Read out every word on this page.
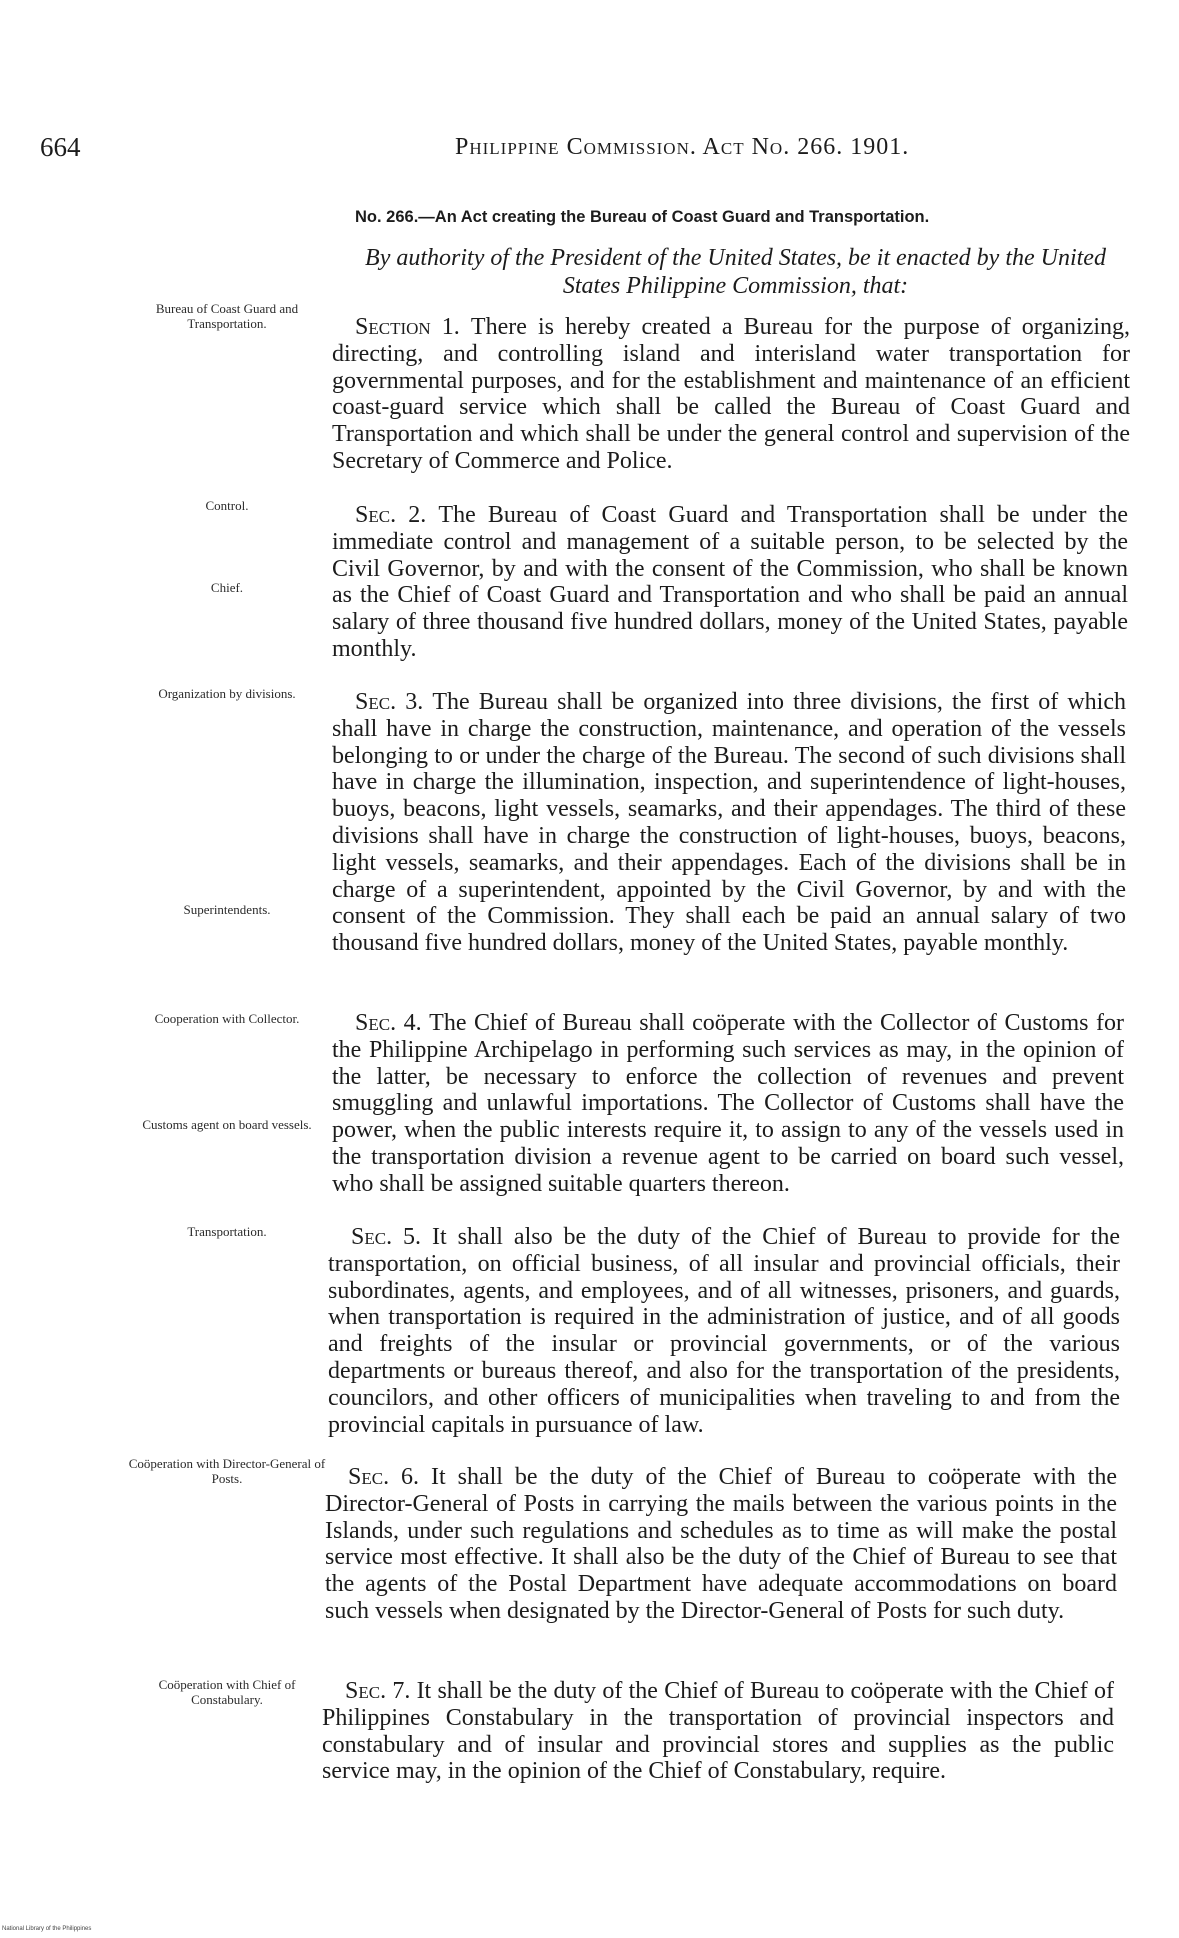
664	Philippine Commission. Act No. 266. 1901.
No. 266.—An Act creating the Bureau of Coast Guard and Transportation.
By authority of the President of the United States, be it enacted by the United States Philippine Commission, that:
Bureau of Coast Guard and Transportation.
Control.
Chief.
Organization by divisions.
Superintendents.
Cooperation with Collector.
Customs agent on board vessels.
Transportation.
Coöperation with Director-General of Posts.
Coöperation with Chief of Constabulary.
Section 1. There is hereby created a Bureau for the purpose of organizing, directing, and controlling island and interisland water transportation for governmental purposes, and for the establishment and maintenance of an efficient coast-guard service which shall be called the Bureau of Coast Guard and Transportation and which shall be under the general control and supervision of the Secretary of Commerce and Police.
Sec. 2. The Bureau of Coast Guard and Transportation shall be under the immediate control and management of a suitable person, to be selected by the Civil Governor, by and with the consent of the Commission, who shall be known as the Chief of Coast Guard and Transportation and who shall be paid an annual salary of three thousand five hundred dollars, money of the United States, payable monthly.
Sec. 3. The Bureau shall be organized into three divisions, the first of which shall have in charge the construction, maintenance, and operation of the vessels belonging to or under the charge of the Bureau. The second of such divisions shall have in charge the illumination, inspection, and superintendence of light-houses, buoys, beacons, light vessels, seamarks, and their appendages. The third of these divisions shall have in charge the construction of light-houses, buoys, beacons, light vessels, seamarks, and their appendages. Each of the divisions shall be in charge of a superintendent, appointed by the Civil Governor, by and with the consent of the Commission. They shall each be paid an annual salary of two thousand five hundred dollars, money of the United States, payable monthly.
Sec. 4. The Chief of Bureau shall coöperate with the Collector of Customs for the Philippine Archipelago in performing such services as may, in the opinion of the latter, be necessary to enforce the collection of revenues and prevent smuggling and unlawful importations. The Collector of Customs shall have the power, when the public interests require it, to assign to any of the vessels used in the transportation division a revenue agent to be carried on board such vessel, who shall be assigned suitable quarters thereon.
Sec. 5. It shall also be the duty of the Chief of Bureau to provide for the transportation, on official business, of all insular and provincial officials, their subordinates, agents, and employees, and of all witnesses, prisoners, and guards, when transportation is required in the administration of justice, and of all goods and freights of the insular or provincial governments, or of the various departments or bureaus thereof, and also for the transportation of the presidents, councilors, and other officers of municipalities when traveling to and from the provincial capitals in pursuance of law.
Sec. 6. It shall be the duty of the Chief of Bureau to coöperate with the Director-General of Posts in carrying the mails between the various points in the Islands, under such regulations and schedules as to time as will make the postal service most effective. It shall also be the duty of the Chief of Bureau to see that the agents of the Postal Department have adequate accommodations on board such vessels when designated by the Director-General of Posts for such duty.
Sec. 7. It shall be the duty of the Chief of Bureau to coöperate with the Chief of Philippines Constabulary in the transportation of provincial inspectors and constabulary and of insular and provincial stores and supplies as the public service may, in the opinion of the Chief of Constabulary, require.
National Library of the Philippines
